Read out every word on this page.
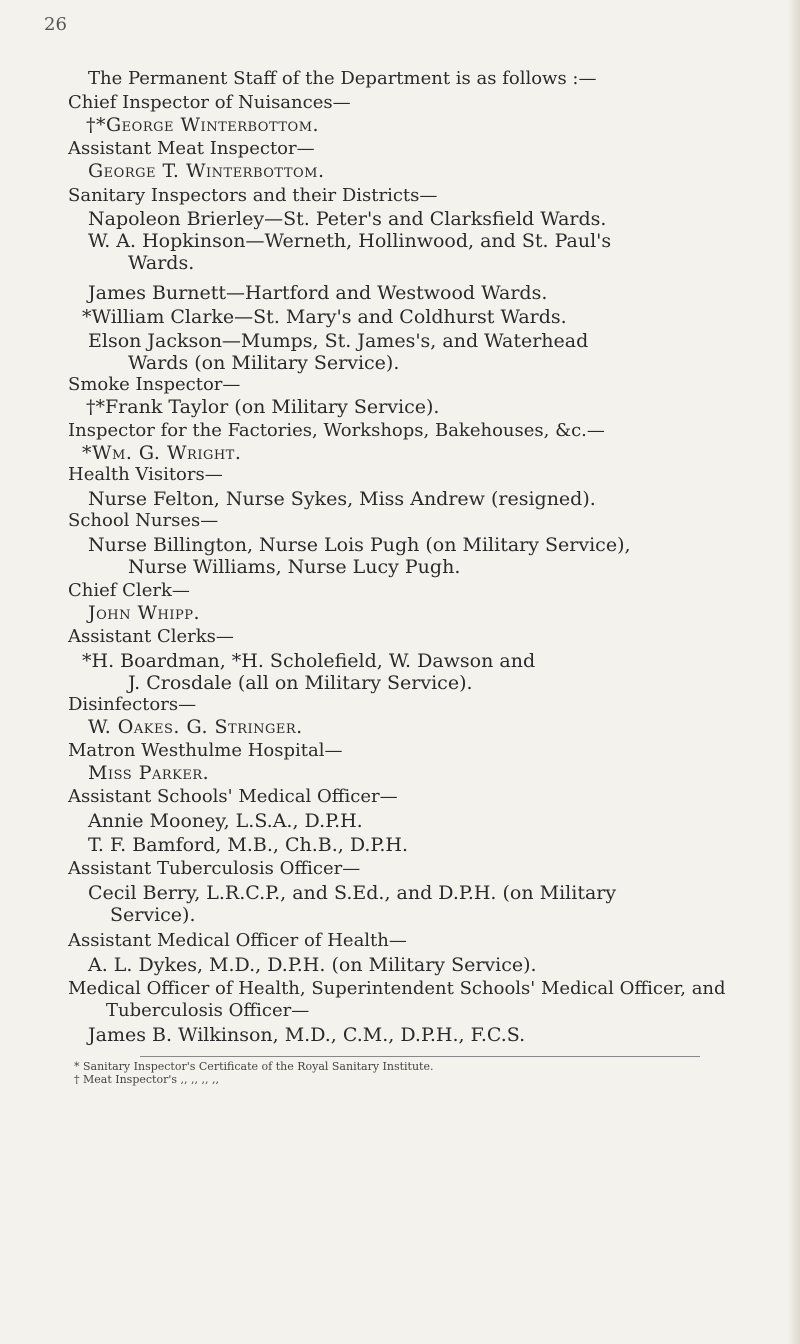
26
The Permanent Staff of the Department is as follows :—
Chief Inspector of Nuisances—
†*George Winterbottom.
Assistant Meat Inspector—
George T. Winterbottom.
Sanitary Inspectors and their Districts—
Napoleon Brierley—St. Peter's and Clarksfield Wards.
W. A. Hopkinson—Werneth, Hollinwood, and St. Paul's
Wards.
James Burnett—Hartford and Westwood Wards.
*William Clarke—St. Mary's and Coldhurst Wards.
Elson Jackson—Mumps, St. James's, and Waterhead
Wards (on Military Service).
Smoke Inspector—
†*Frank Taylor (on Military Service).
Inspector for the Factories, Workshops, Bakehouses, &c.—
*Wm. G. Wright.
Health Visitors—
Nurse Felton, Nurse Sykes, Miss Andrew (resigned).
School Nurses—
Nurse Billington, Nurse Lois Pugh (on Military Service),
Nurse Williams, Nurse Lucy Pugh.
Chief Clerk—
John Whipp.
Assistant Clerks—
*H. Boardman, *H. Scholefield, W. Dawson and
J. Crosdale (all on Military Service).
Disinfectors—
W. Oakes. G. Stringer.
Matron Westhulme Hospital—
Miss Parker.
Assistant Schools' Medical Officer—
Annie Mooney, L.S.A., D.P.H.
T. F. Bamford, M.B., Ch.B., D.P.H.
Assistant Tuberculosis Officer—
Cecil Berry, L.R.C.P., and S.Ed., and D.P.H. (on Military
Service).
Assistant Medical Officer of Health—
A. L. Dykes, M.D., D.P.H. (on Military Service).
Medical Officer of Health, Superintendent Schools' Medical Officer, and
Tuberculosis Officer—
James B. Wilkinson, M.D., C.M., D.P.H., F.C.S.
* Sanitary Inspector's Certificate of the Royal Sanitary Institute.
† Meat Inspector's ,, ,, ,, ,,
